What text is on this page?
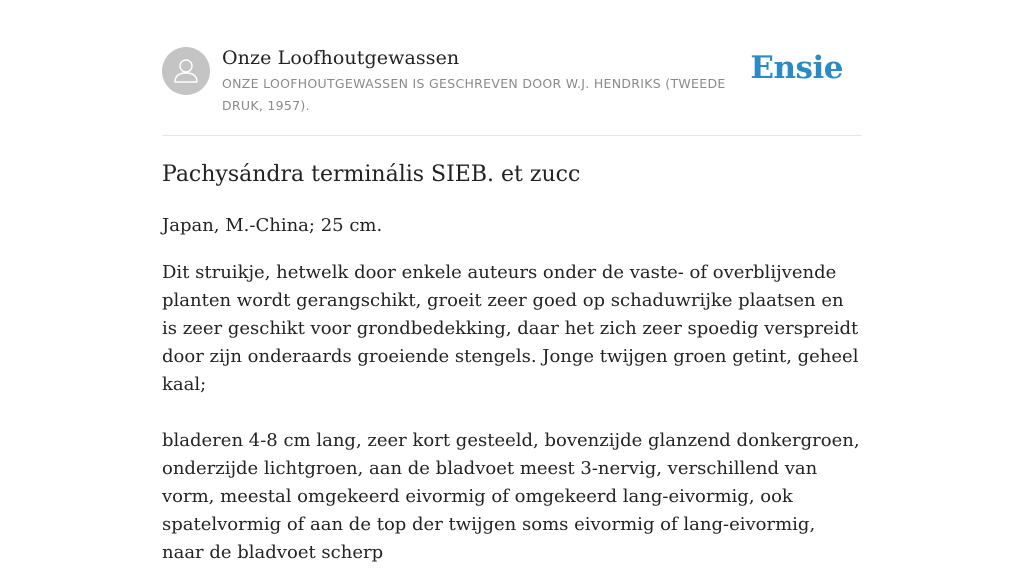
Onze Loofhoutgewassen
ONZE LOOFHOUTGEWASSEN IS GESCHREVEN DOOR W.J. HENDRIKS (TWEEDE DRUK, 1957).
Ensie
Pachysándra terminális SIEB. et zucc

Japan, M.-China; 25 cm.

Dit struikje, hetwelk door enkele auteurs onder de vaste- of overblijvende planten wordt gerangschikt, groeit zeer goed op schaduwrijke plaatsen en is zeer geschikt voor grondbedekking, daar het zich zeer spoedig verspreidt door zijn onderaards groeiende stengels. Jonge twijgen groen getint, geheel kaal;

bladeren 4-8 cm lang, zeer kort gesteeld, bovenzijde glanzend donkergroen, onderzijde lichtgroen, aan de bladvoet meest 3-nervig, verschillend van vorm, meestal omgekeerd eivormig of omgekeerd lang-eivormig, ook spatelvormig of aan de top der twijgen soms eivormig of lang-eivormig, naar de bladvoet scherp
